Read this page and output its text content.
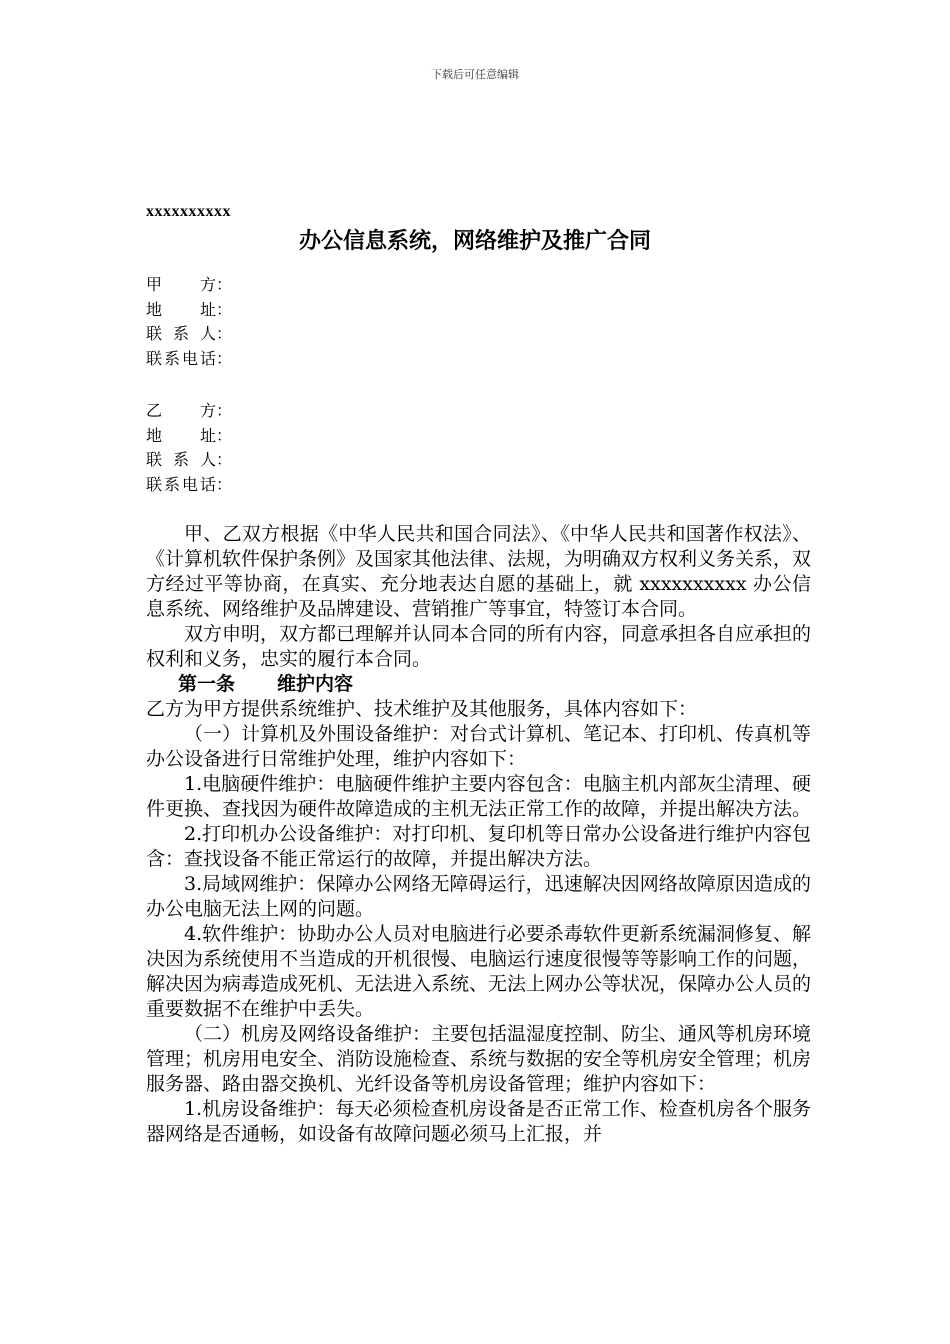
下载后可任意编辑
xxxxxxxxxx
办公信息系统，网络维护及推广合同
甲　方 ：
地　址 ：
联系人 ：
联系电话 ：
乙　方 ：
地　址 ：
联系人 ：
联系电话 ：

甲、乙双方根据《中华人民共和国合同法》、《中华人民共和国著作权法》、《计算机软件保护条例》及国家其他法律、法规，为明确双方权利义务关系，双方经过平等协商，在真实、充分地表达自愿的基础上，就 xxxxxxxxxx 办公信息系统、网络维护及品牌建设、营销推广等事宜，特签订本合同。

双方申明，双方都已理解并认同本合同的所有内容，同意承担各自应承担的权利和义务，忠实的履行本合同。

第一条 维护内容

乙方为甲方提供系统维护、技术维护及其他服务，具体内容如下：

（一）计算机及外围设备维护：对台式计算机、笔记本、打印机、传真机等办公设备进行日常维护处理，维护内容如下：

1.电脑硬件维护：电脑硬件维护主要内容包含：电脑主机内部灰尘清理、硬件更换、查找因为硬件故障造成的主机无法正常工作的故障，并提出解决方法。

2.打印机办公设备维护：对打印机、复印机等日常办公设备进行维护内容包含：查找设备不能正常运行的故障，并提出解决方法。

3.局域网维护：保障办公网络无障碍运行，迅速解决因网络故障原因造成的办公电脑无法上网的问题。

4.软件维护：协助办公人员对电脑进行必要杀毒软件更新系统漏洞修复、解决因为系统使用不当造成的开机很慢、电脑运行速度很慢等等影响工作的问题，解决因为病毒造成死机、无法进入系统、无法上网办公等状况，保障办公人员的重要数据不在维护中丢失。

（二）机房及网络设备维护：主要包括温湿度控制、防尘、通风等机房环境管理；机房用电安全、消防设施检查、系统与数据的安全等机房安全管理；机房服务器、路由器交换机、光纤设备等机房设备管理；维护内容如下：

1.机房设备维护：每天必须检查机房设备是否正常工作、检查机房各个服务器网络是否通畅，如设备有故障问题必须马上汇报，并
